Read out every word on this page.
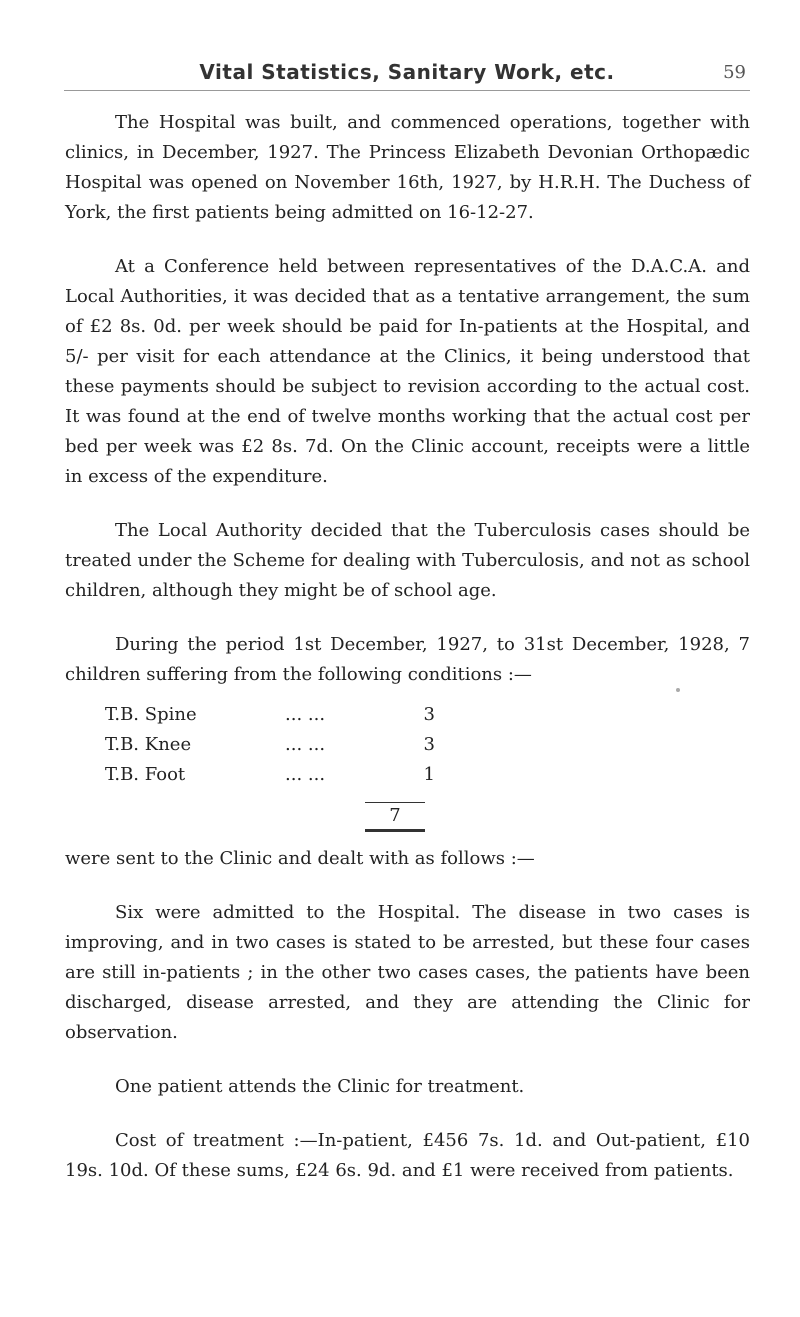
Vital Statistics, Sanitary Work, etc.	59

The Hospital was built, and commenced operations, together with clinics, in December, 1927. The Princess Elizabeth Devonian Orthopædic Hospital was opened on November 16th, 1927, by H.R.H. The Duchess of York, the first patients being admitted on 16-12-27.

At a Conference held between representatives of the D.A.C.A. and Local Authorities, it was decided that as a tentative arrangement, the sum of £2 8s. 0d. per week should be paid for In-patients at the Hospital, and 5/- per visit for each attendance at the Clinics, it being understood that these payments should be subject to revision according to the actual cost. It was found at the end of twelve months working that the actual cost per bed per week was £2 8s. 7d. On the Clinic account, receipts were a little in excess of the expenditure.

The Local Authority decided that the Tuberculosis cases should be treated under the Scheme for dealing with Tuberculosis, and not as school children, although they might be of school age.

During the period 1st December, 1927, to 31st December, 1928, 7 children suffering from the following conditions :—

T.B. Spine	... ...	3
T.B. Knee	... ...	3
T.B. Foot	... ...	1
7

were sent to the Clinic and dealt with as follows :—

Six were admitted to the Hospital. The disease in two cases is improving, and in two cases is stated to be arrested, but these four cases are still in-patients ; in the other two cases cases, the patients have been discharged, disease arrested, and they are attending the Clinic for observation.

One patient attends the Clinic for treatment.

Cost of treatment :—In-patient, £456 7s. 1d. and Out-patient, £10 19s. 10d. Of these sums, £24 6s. 9d. and £1 were received from patients.
